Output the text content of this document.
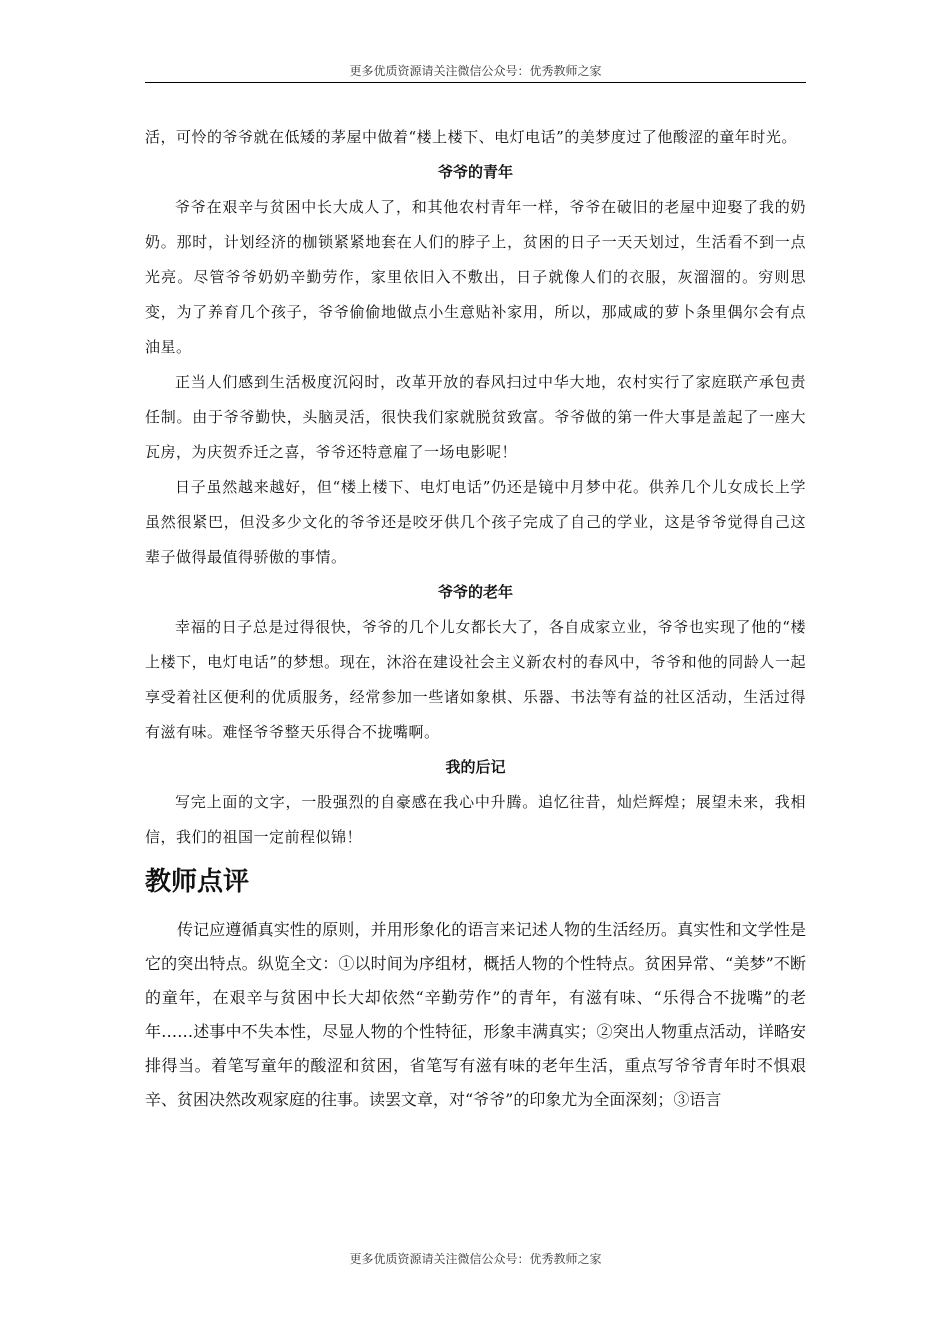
更多优质资源请关注微信公众号：优秀教师之家

活，可怜的爷爷就在低矮的茅屋中做着“楼上楼下、电灯电话”的美梦度过了他酸涩的童年时光。

爷爷的青年

爷爷在艰辛与贫困中长大成人了，和其他农村青年一样，爷爷在破旧的老屋中迎娶了我的奶奶。那时，计划经济的枷锁紧紧地套在人们的脖子上，贫困的日子一天天划过，生活看不到一点光亮。尽管爷爷奶奶辛勤劳作，家里依旧入不敷出，日子就像人们的衣服，灰溜溜的。穷则思变，为了养育几个孩子，爷爷偷偷地做点小生意贴补家用，所以，那咸咸的萝卜条里偶尔会有点油星。

正当人们感到生活极度沉闷时，改革开放的春风扫过中华大地，农村实行了家庭联产承包责任制。由于爷爷勤快，头脑灵活，很快我们家就脱贫致富。爷爷做的第一件大事是盖起了一座大瓦房，为庆贺乔迁之喜，爷爷还特意雇了一场电影呢！

日子虽然越来越好，但“楼上楼下、电灯电话”仍还是镜中月梦中花。供养几个儿女成长上学虽然很紧巴，但没多少文化的爷爷还是咬牙供几个孩子完成了自己的学业，这是爷爷觉得自己这辈子做得最值得骄傲的事情。

爷爷的老年

幸福的日子总是过得很快，爷爷的几个儿女都长大了，各自成家立业，爷爷也实现了他的“楼上楼下，电灯电话”的梦想。现在，沐浴在建设社会主义新农村的春风中，爷爷和他的同龄人一起享受着社区便利的优质服务，经常参加一些诸如象棋、乐器、书法等有益的社区活动，生活过得有滋有味。难怪爷爷整天乐得合不拢嘴啊。

我的后记

写完上面的文字，一股强烈的自豪感在我心中升腾。追忆往昔，灿烂辉煌；展望未来，我相信，我们的祖国一定前程似锦！

教师点评

传记应遵循真实性的原则，并用形象化的语言来记述人物的生活经历。真实性和文学性是它的突出特点。纵览全文：①以时间为序组材，概括人物的个性特点。贫困异常、“美梦”不断的童年，在艰辛与贫困中长大却依然“辛勤劳作”的青年，有滋有味、“乐得合不拢嘴”的老年……述事中不失本性，尽显人物的个性特征，形象丰满真实；②突出人物重点活动，详略安排得当。着笔写童年的酸涩和贫困，省笔写有滋有味的老年生活，重点写爷爷青年时不惧艰辛、贫困决然改观家庭的往事。读罢文章，对“爷爷”的印象尤为全面深刻；③语言

更多优质资源请关注微信公众号：优秀教师之家
